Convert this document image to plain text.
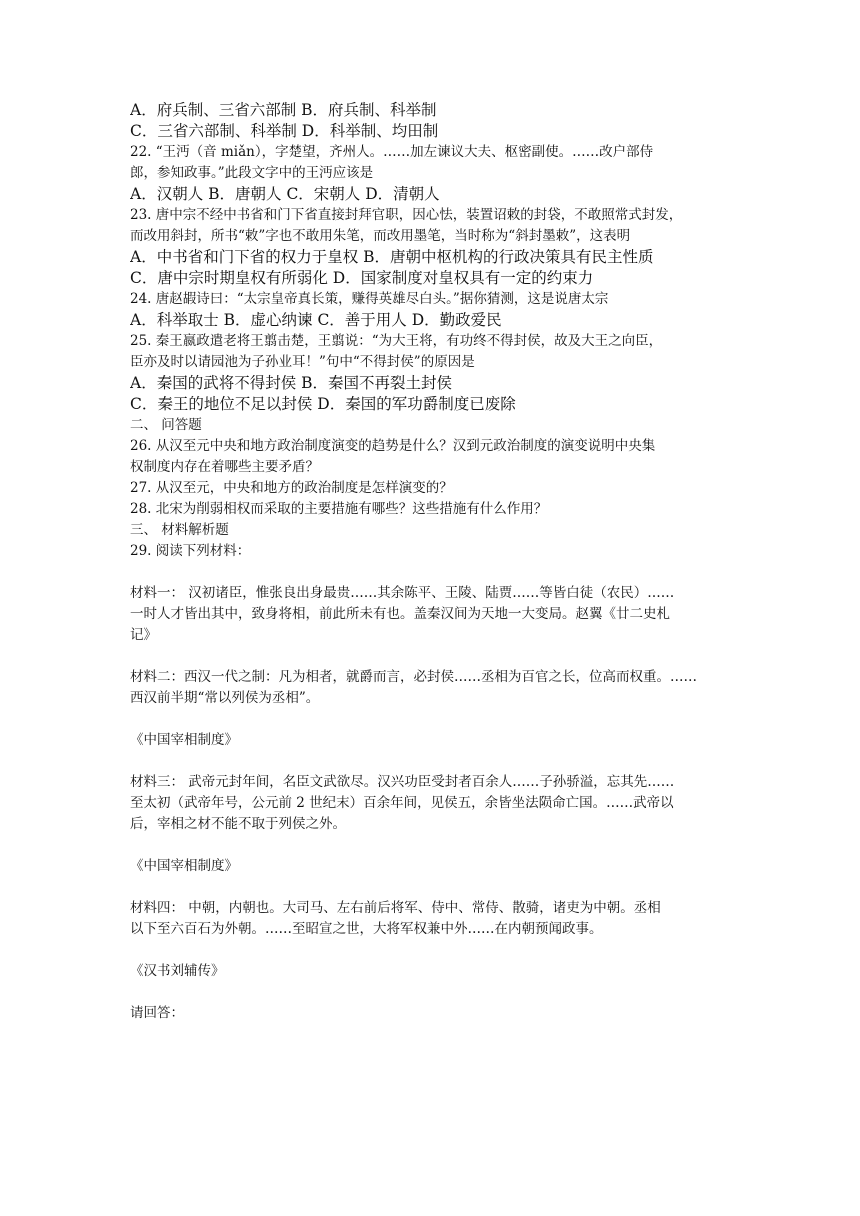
A．府兵制、三省六部制 B．府兵制、科举制
C．三省六部制、科举制 D．科举制、均田制
22. “王沔（音 miǎn），字楚望，齐州人。……加左谏议大夫、枢密副使。……改户部侍
郎，参知政事。”此段文字中的王沔应该是
A．汉朝人 B．唐朝人 C．宋朝人 D．清朝人
23. 唐中宗不经中书省和门下省直接封拜官职，因心怯，装置诏敕的封袋，不敢照常式封发，
而改用斜封，所书“敕”字也不敢用朱笔，而改用墨笔，当时称为“斜封墨敕”，这表明
A．中书省和门下省的权力于皇权 B．唐朝中枢机构的行政决策具有民主性质
C．唐中宗时期皇权有所弱化 D．国家制度对皇权具有一定的约束力
24. 唐赵嘏诗曰：“太宗皇帝真长策，赚得英雄尽白头。”据你猜测，这是说唐太宗
A．科举取士 B．虚心纳谏 C．善于用人 D．勤政爱民
25. 秦王嬴政遣老将王翦击楚，王翦说：“为大王将，有功终不得封侯，故及大王之向臣，
臣亦及时以请园池为子孙业耳！”句中“不得封侯”的原因是
A．秦国的武将不得封侯 B．秦国不再裂土封侯
C．秦王的地位不足以封侯 D．秦国的军功爵制度已废除
二、 问答题
26. 从汉至元中央和地方政治制度演变的趋势是什么？汉到元政治制度的演变说明中央集
权制度内存在着哪些主要矛盾？
27. 从汉至元，中央和地方的政治制度是怎样演变的？
28. 北宋为削弱相权而采取的主要措施有哪些？这些措施有什么作用？
三、 材料解析题
29. 阅读下列材料：
材料一： 汉初诸臣，惟张良出身最贵……其余陈平、王陵、陆贾……等皆白徒（农民）……
一时人才皆出其中，致身将相，前此所未有也。盖秦汉间为天地一大变局。赵翼《廿二史札
记》
材料二：西汉一代之制：凡为相者，就爵而言，必封侯……丞相为百官之长，位高而权重。……
西汉前半期“常以列侯为丞相”。
《中国宰相制度》
材料三： 武帝元封年间，名臣文武欲尽。汉兴功臣受封者百余人……子孙骄溢，忘其先……
至太初（武帝年号，公元前 2 世纪末）百余年间，见侯五，余皆坐法陨命亡国。……武帝以
后，宰相之材不能不取于列侯之外。
《中国宰相制度》
材料四： 中朝，内朝也。大司马、左右前后将军、侍中、常侍、散骑，诸吏为中朝。丞相
以下至六百石为外朝。……至昭宣之世，大将军权兼中外……在内朝预闻政事。
《汉书刘辅传》
请回答：
